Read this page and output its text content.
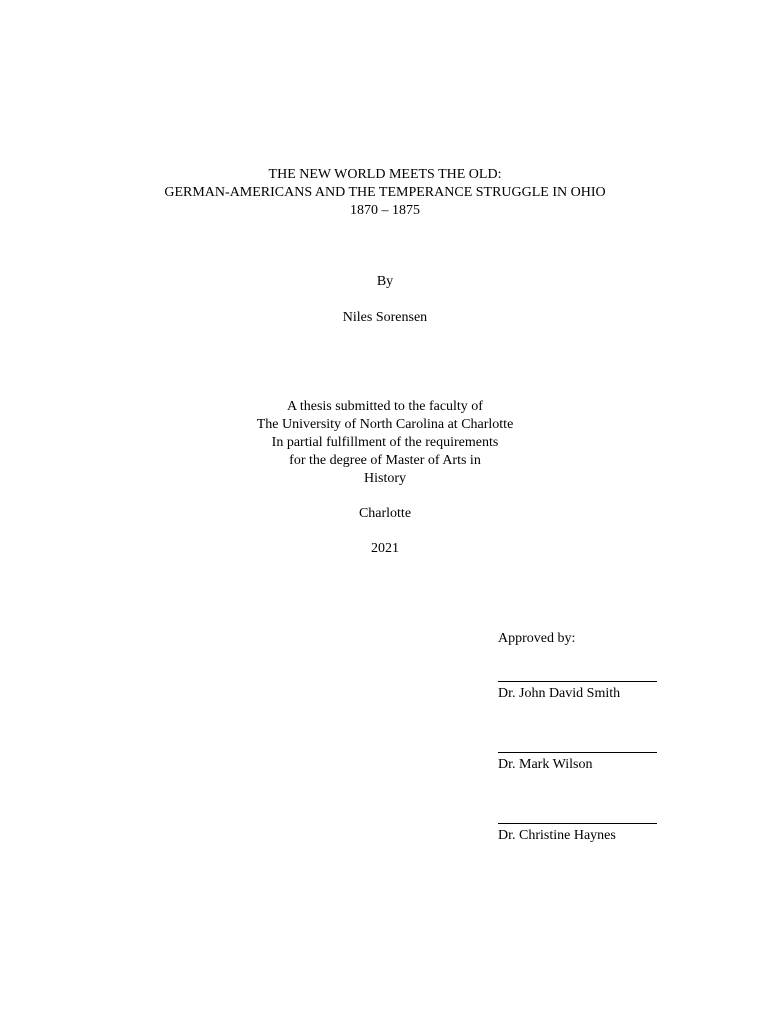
THE NEW WORLD MEETS THE OLD:
GERMAN-AMERICANS AND THE TEMPERANCE STRUGGLE IN OHIO
1870 – 1875
By
Niles Sorensen
A thesis submitted to the faculty of
The University of North Carolina at Charlotte
In partial fulfillment of the requirements
for the degree of Master of Arts in
History
Charlotte
2021
Approved by:
Dr. John David Smith
Dr. Mark Wilson
Dr. Christine Haynes
